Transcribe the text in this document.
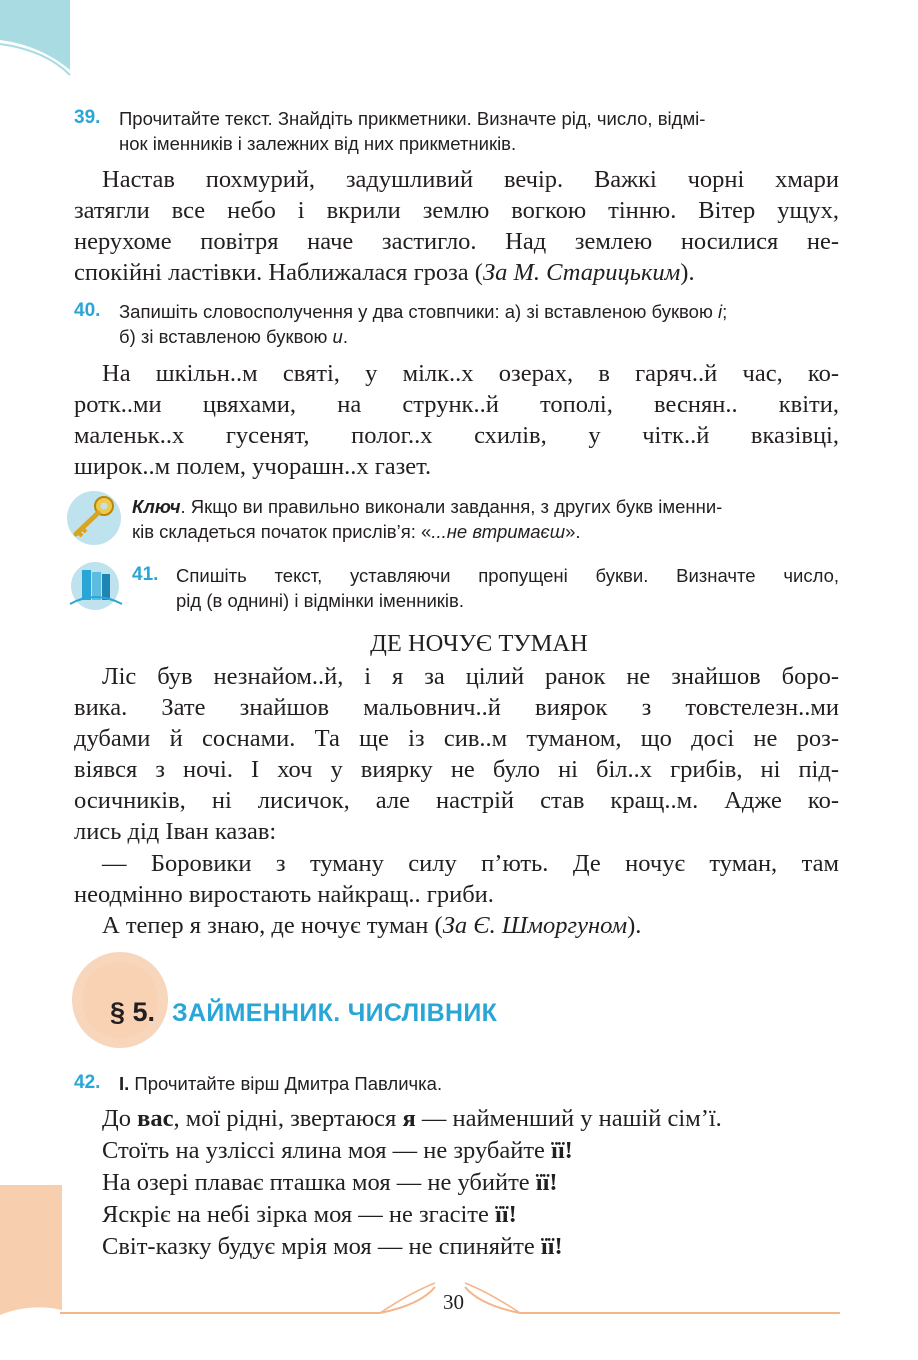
39. Прочитайте текст. Знайдіть прикметники. Визначте рід, число, відмі-
нок іменників і залежних від них прикметників.
Настав похмурий, задушливий вечір. Важкі чорні хмари
затягли все небо і вкрили землю вогкою тінню. Вітер ущух,
нерухоме повітря наче застигло. Над землею носилися не-
спокійні ластівки. Наближалася гроза (За М. Старицьким).
40. Запишіть словосполучення у два стовпчики: а) зі вставленою буквою і;
б) зі вставленою буквою и.
На шкільн..м святі, у мілк..х озерах, в гаряч..й час, ко-
ротк..ми цвяхами, на струнк..й тополі, веснян.. квіти,
маленьк..х гусенят, полог..х схилів, у чітк..й вказівці,
широк..м полем, учорашн..х газет.
Ключ. Якщо ви правильно виконали завдання, з других букв іменни-
ків складеться початок прислів’я: «...не втримаєш».
41. Спишіть текст, уставляючи пропущені букви. Визначте число,
рід (в однині) і відмінки іменників.
ДЕ НОЧУЄ ТУМАН
Ліс був незнайом..й, і я за цілий ранок не знайшов боро-
вика. Зате знайшов мальовнич..й виярок з товстелезн..ми
дубами й соснами. Та ще із сив..м туманом, що досі не роз-
віявся з ночі. І хоч у виярку не було ні біл..х грибів, ні під-
осичників, ні лисичок, але настрій став кращ..м. Адже ко-
лись дід Іван казав:
— Боровики з туману силу п’ють. Де ночує туман, там
неодмінно виростають найкращ.. гриби.
А тепер я знаю, де ночує туман (За Є. Шморгуном).
§ 5. ЗАЙМЕННИК. ЧИСЛІВНИК
42. І. Прочитайте вірш Дмитра Павличка.
До вас, мої рідні, звертаюся я — найменший у нашій сім’ї.
Стоїть на узліссі ялина моя — не зрубайте її!
На озері плаває пташка моя — не убийте її!
Яскріє на небі зірка моя — не згасіте її!
Світ-казку будує мрія моя — не спиняйте її!
30
